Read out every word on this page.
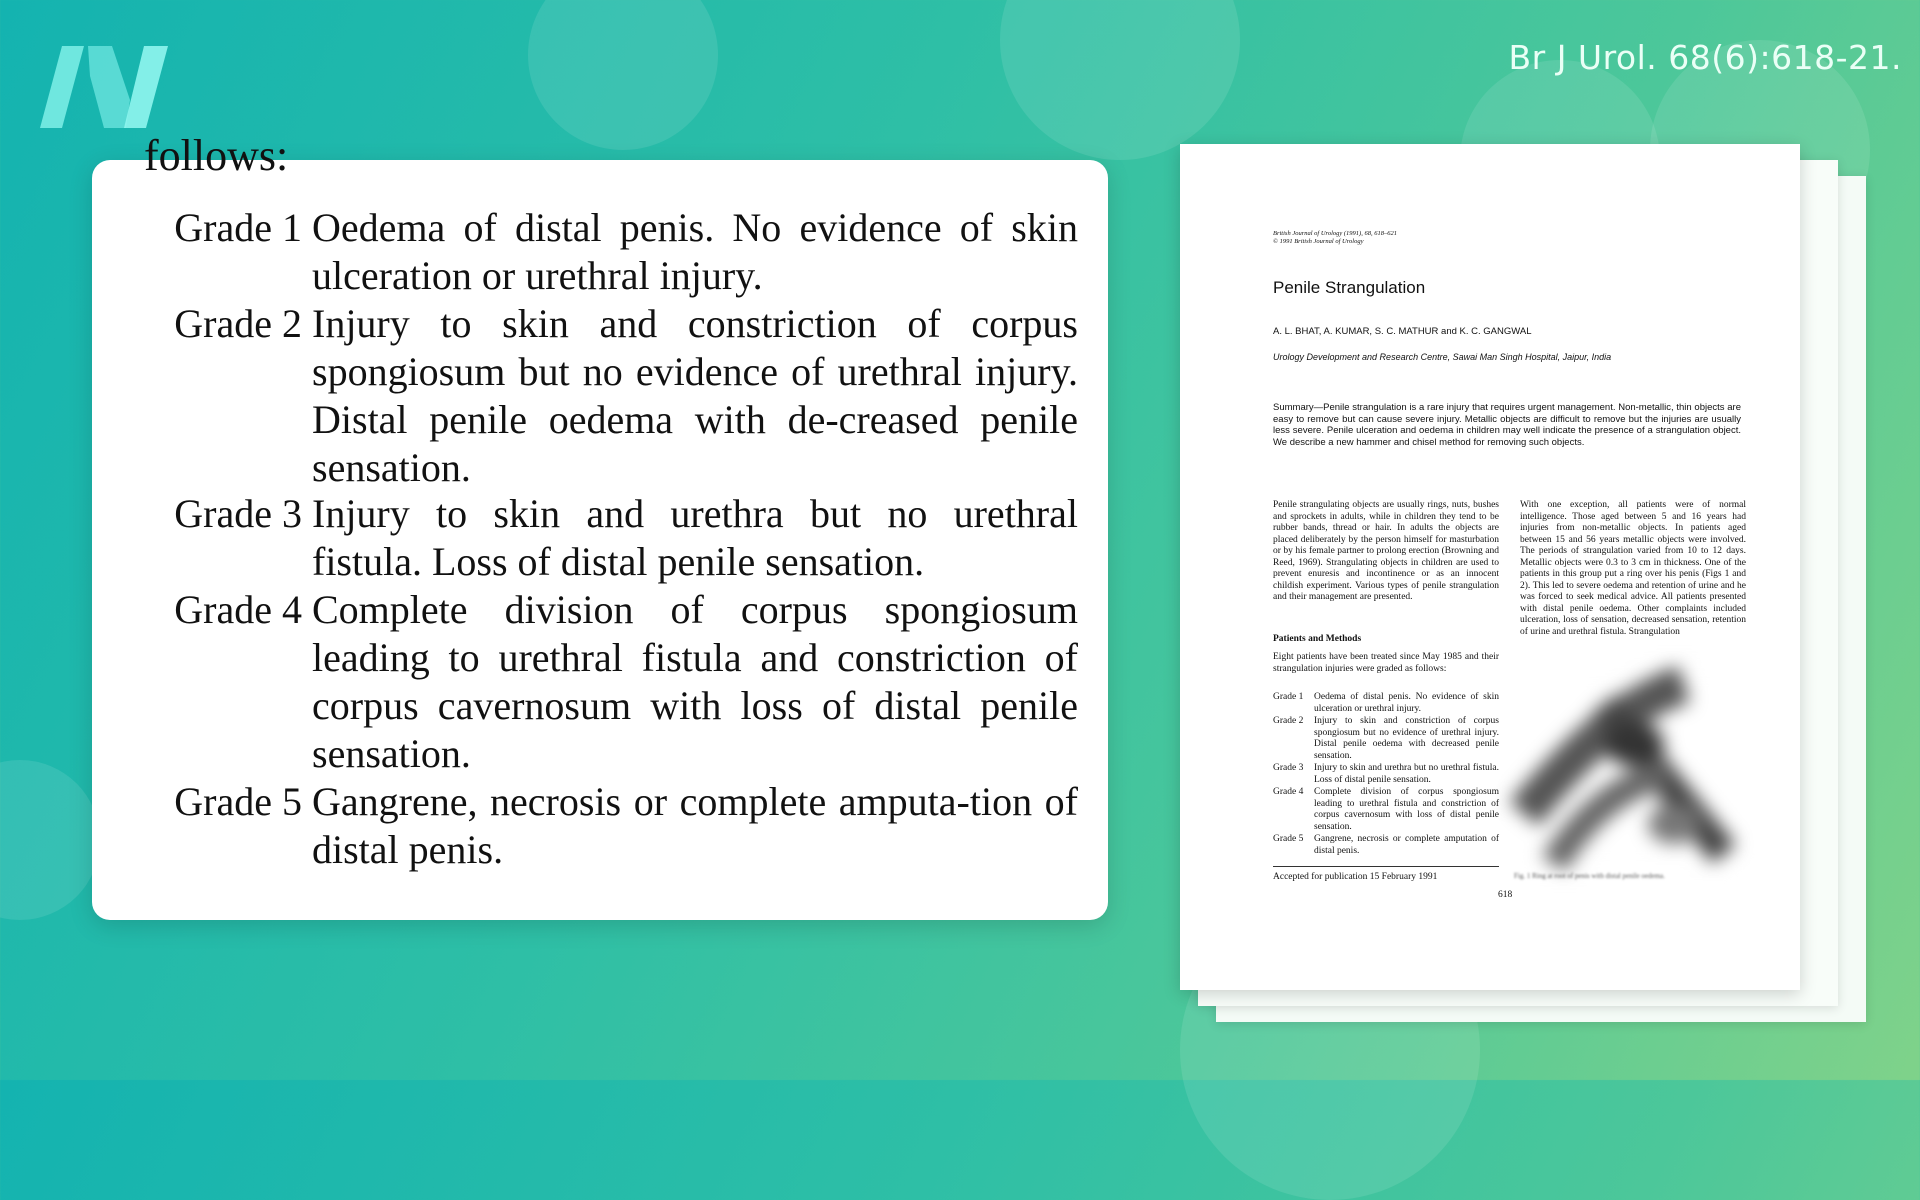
Br J Urol. 68(6):618-21.
follows:
Grade 1 Oedema of distal penis. No evidence of skin ulceration or urethral injury.
Grade 2 Injury to skin and constriction of corpus spongiosum but no evidence of urethral injury. Distal penile oedema with de-creased penile sensation.
Grade 3 Injury to skin and urethra but no urethral fistula. Loss of distal penile sensation.
Grade 4 Complete division of corpus spongiosum leading to urethral fistula and constriction of corpus cavernosum with loss of distal penile sensation.
Grade 5 Gangrene, necrosis or complete amputa-tion of distal penis.
British Journal of Urology (1991), 68, 618–621
© 1991 British Journal of Urology
Penile Strangulation
A. L. BHAT, A. KUMAR, S. C. MATHUR and K. C. GANGWAL
Urology Development and Research Centre, Sawai Man Singh Hospital, Jaipur, India
Summary—Penile strangulation is a rare injury that requires urgent management. Non-metallic, thin objects are easy to remove but can cause severe injury. Metallic objects are difficult to remove but the injuries are usually less severe. Penile ulceration and oedema in children may well indicate the presence of a strangulation object. We describe a new hammer and chisel method for removing such objects.
Penile strangulating objects are usually rings, nuts, bushes and sprockets in adults, while in children they tend to be rubber bands, thread or hair. In adults the objects are placed deliberately by the person himself for masturbation or by his female partner to prolong erection (Browning and Reed, 1969). Strangulating objects in children are used to prevent enuresis and incontinence or as an innocent childish experiment. Various types of penile strangulation and their management are presented.
Patients and Methods
Eight patients have been treated since May 1985 and their strangulation injuries were graded as follows:
Grade 1	Oedema of distal penis. No evidence of skin ulceration or urethral injury.
Grade 2	Injury to skin and constriction of corpus spongiosum but no evidence of urethral injury. Distal penile oedema with decreased penile sensation.
Grade 3	Injury to skin and urethra but no urethral fistula. Loss of distal penile sensation.
Grade 4	Complete division of corpus spongiosum leading to urethral fistula and constriction of corpus cavernosum with loss of distal penile sensation.
Grade 5	Gangrene, necrosis or complete amputation of distal penis.
Accepted for publication 15 February 1991
With one exception, all patients were of normal intelligence. Those aged between 5 and 16 years had injuries from non-metallic objects. In patients aged between 15 and 56 years metallic objects were involved. The periods of strangulation varied from 10 to 12 days. Metallic objects were 0.3 to 3 cm in thickness. One of the patients in this group put a ring over his penis (Figs 1 and 2). This led to severe oedema and retention of urine and he was forced to seek medical advice. All patients presented with distal penile oedema. Other complaints included ulceration, loss of sensation, decreased sensation, retention of urine and urethral fistula. Strangulation
Fig. 1 Ring at root of penis with distal penile oedema.
618
